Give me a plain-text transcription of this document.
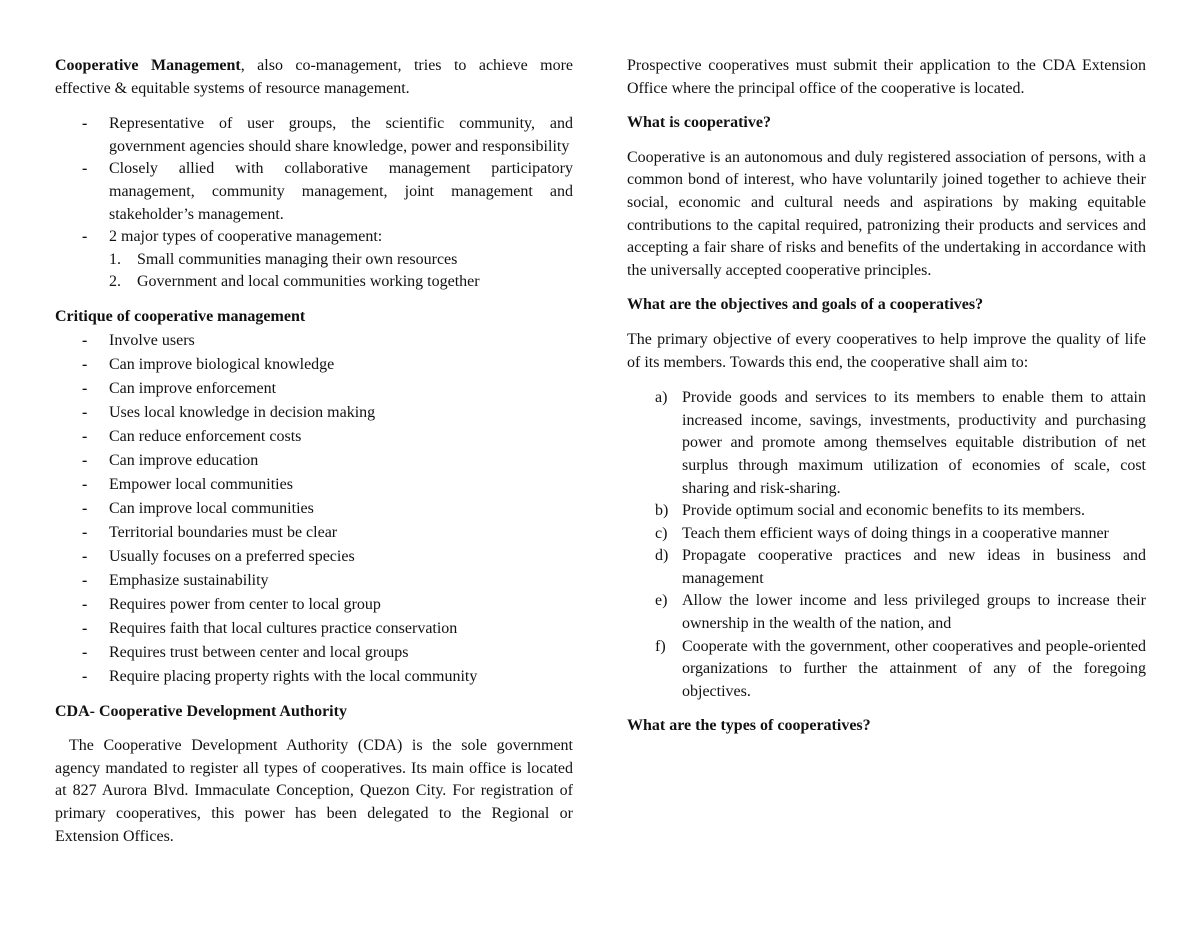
Cooperative Management, also co-management, tries to achieve more effective & equitable systems of resource management.

- Representative of user groups, the scientific community, and government agencies should share knowledge, power and responsibility
- Closely allied with collaborative management participatory management, community management, joint management and stakeholder’s management.
- 2 major types of cooperative management:
1. Small communities managing their own resources
2. Government and local communities working together

Critique of cooperative management

- Involve users
- Can improve biological knowledge
- Can improve enforcement
- Uses local knowledge in decision making
- Can reduce enforcement costs
- Can improve education
- Empower local communities
- Can improve local communities
- Territorial boundaries must be clear
- Usually focuses on a preferred species
- Emphasize sustainability
- Requires power from center to local group
- Requires faith that local cultures practice conservation
- Requires trust between center and local groups
- Require placing property rights with the local community

CDA- Cooperative Development Authority

The Cooperative Development Authority (CDA) is the sole government agency mandated to register all types of cooperatives. Its main office is located at 827 Aurora Blvd. Immaculate Conception, Quezon City. For registration of primary cooperatives, this power has been delegated to the Regional or Extension Offices.

Prospective cooperatives must submit their application to the CDA Extension Office where the principal office of the cooperative is located.

What is cooperative?

Cooperative is an autonomous and duly registered association of persons, with a common bond of interest, who have voluntarily joined together to achieve their social, economic and cultural needs and aspirations by making equitable contributions to the capital required, patronizing their products and services and accepting a fair share of risks and benefits of the undertaking in accordance with the universally accepted cooperative principles.

What are the objectives and goals of a cooperatives?

The primary objective of every cooperatives to help improve the quality of life of its members. Towards this end, the cooperative shall aim to:

a) Provide goods and services to its members to enable them to attain increased income, savings, investments, productivity and purchasing power and promote among themselves equitable distribution of net surplus through maximum utilization of economies of scale, cost sharing and risk-sharing.
b) Provide optimum social and economic benefits to its members.
c) Teach them efficient ways of doing things in a cooperative manner
d) Propagate cooperative practices and new ideas in business and management
e) Allow the lower income and less privileged groups to increase their ownership in the wealth of the nation, and
f) Cooperate with the government, other cooperatives and people-oriented organizations to further the attainment of any of the foregoing objectives.

What are the types of cooperatives?
